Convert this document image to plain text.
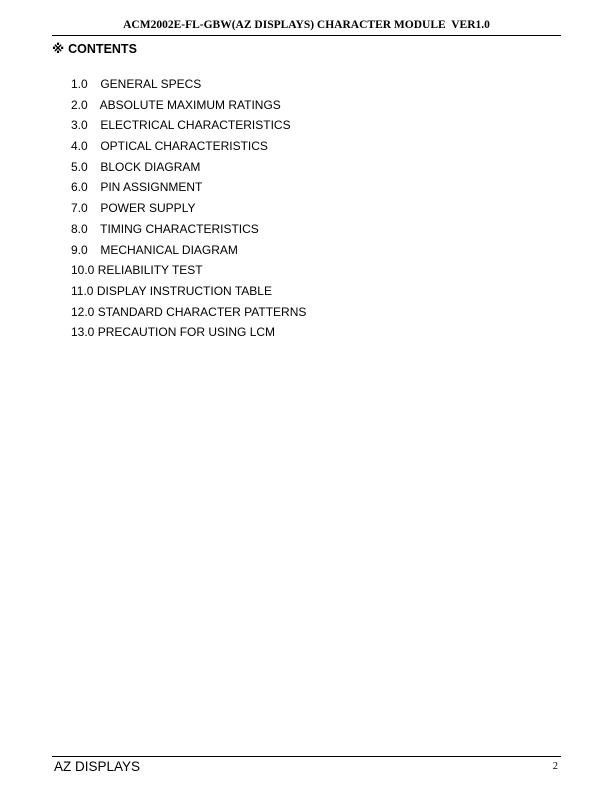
ACM2002E-FL-GBW(AZ DISPLAYS) CHARACTER MODULE  VER1.0
※ CONTENTS
1.0 GENERAL SPECS
2.0 ABSOLUTE MAXIMUM RATINGS
3.0 ELECTRICAL CHARACTERISTICS
4.0 OPTICAL CHARACTERISTICS
5.0 BLOCK DIAGRAM
6.0 PIN ASSIGNMENT
7.0 POWER SUPPLY
8.0 TIMING CHARACTERISTICS
9.0 MECHANICAL DIAGRAM
10.0 RELIABILITY TEST
11.0 DISPLAY INSTRUCTION TABLE
12.0 STANDARD CHARACTER PATTERNS
13.0 PRECAUTION FOR USING LCM
AZ DISPLAYS	2
